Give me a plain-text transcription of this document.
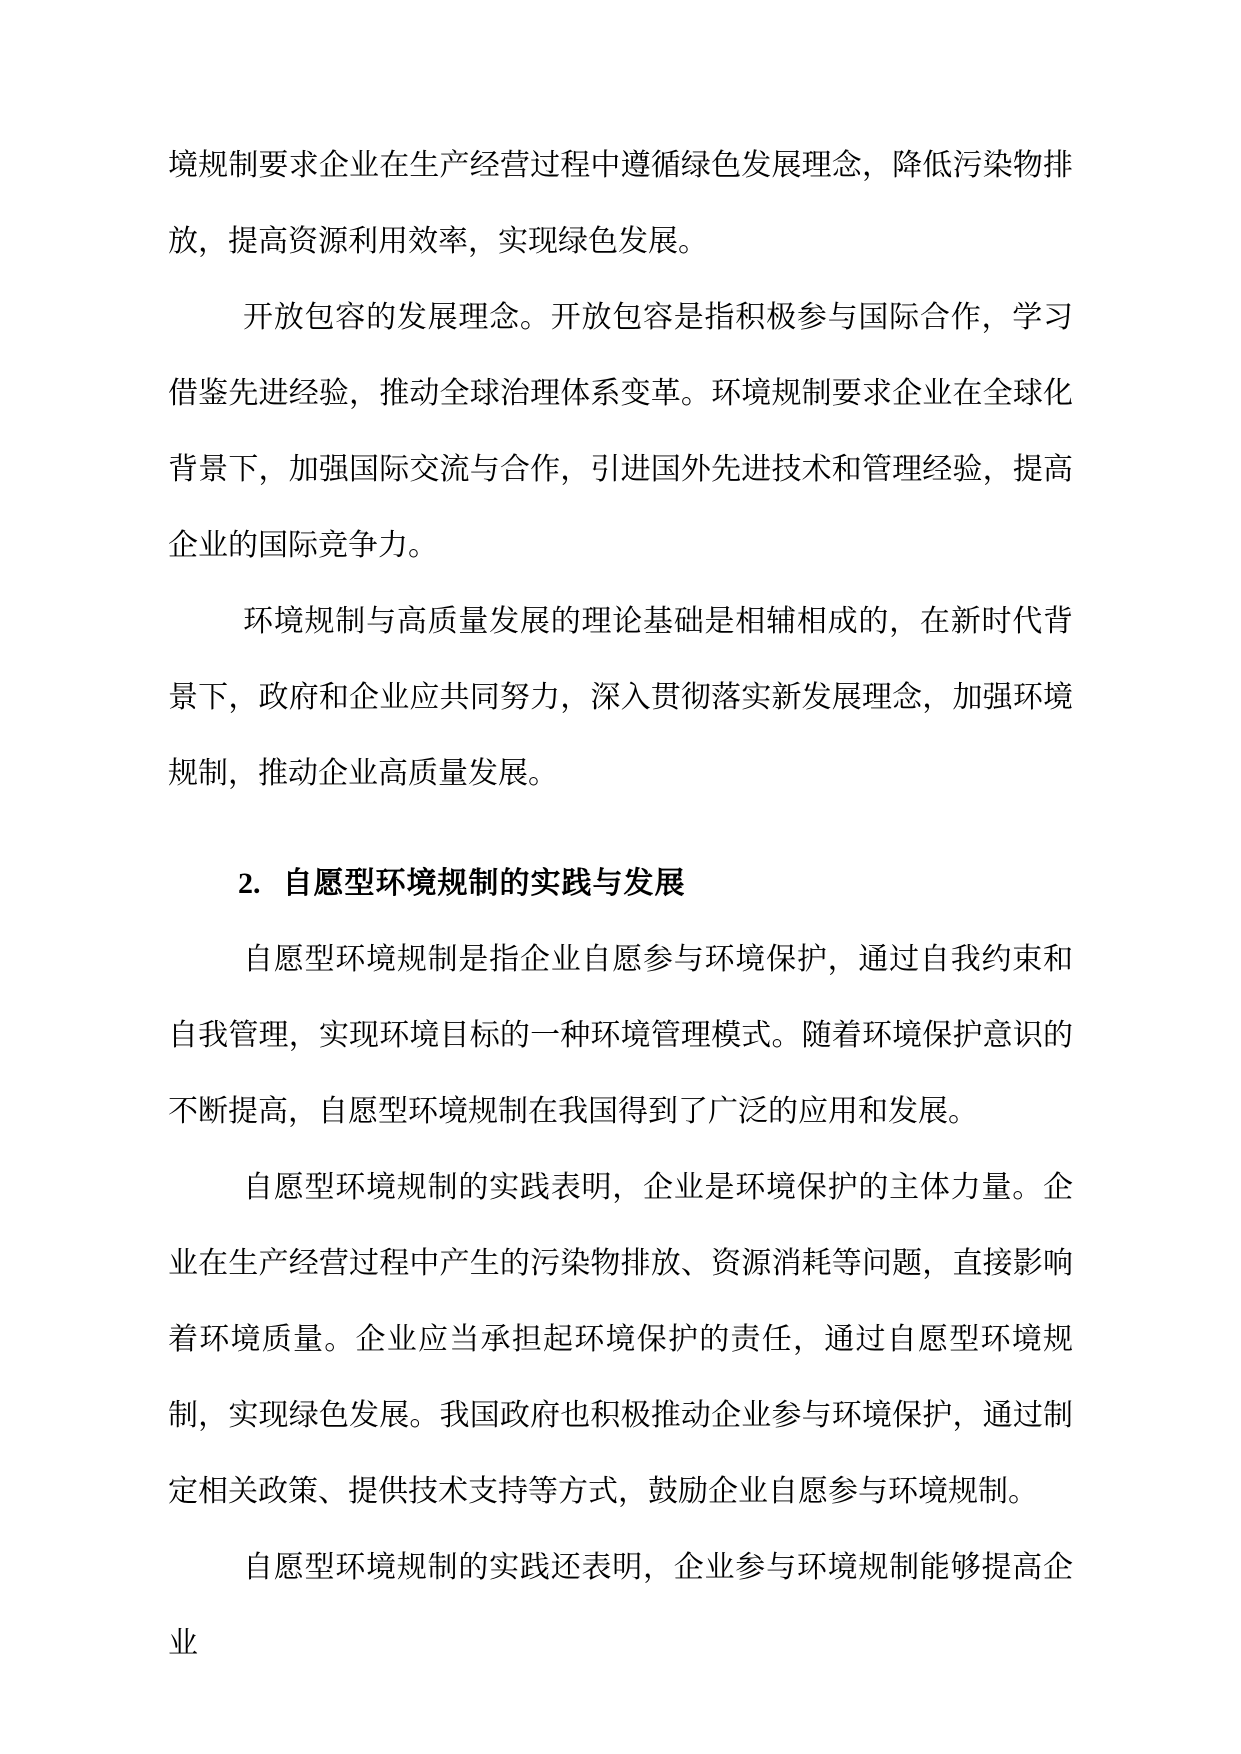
境规制要求企业在生产经营过程中遵循绿色发展理念，降低污染物排放，提高资源利用效率，实现绿色发展。

开放包容的发展理念。开放包容是指积极参与国际合作，学习借鉴先进经验，推动全球治理体系变革。环境规制要求企业在全球化背景下，加强国际交流与合作，引进国外先进技术和管理经验，提高企业的国际竞争力。

环境规制与高质量发展的理论基础是相辅相成的，在新时代背景下，政府和企业应共同努力，深入贯彻落实新发展理念，加强环境规制，推动企业高质量发展。

2. 自愿型环境规制的实践与发展

自愿型环境规制是指企业自愿参与环境保护，通过自我约束和自我管理，实现环境目标的一种环境管理模式。随着环境保护意识的不断提高，自愿型环境规制在我国得到了广泛的应用和发展。

自愿型环境规制的实践表明，企业是环境保护的主体力量。企业在生产经营过程中产生的污染物排放、资源消耗等问题，直接影响着环境质量。企业应当承担起环境保护的责任，通过自愿型环境规制，实现绿色发展。我国政府也积极推动企业参与环境保护，通过制定相关政策、提供技术支持等方式，鼓励企业自愿参与环境规制。

自愿型环境规制的实践还表明，企业参与环境规制能够提高企业
